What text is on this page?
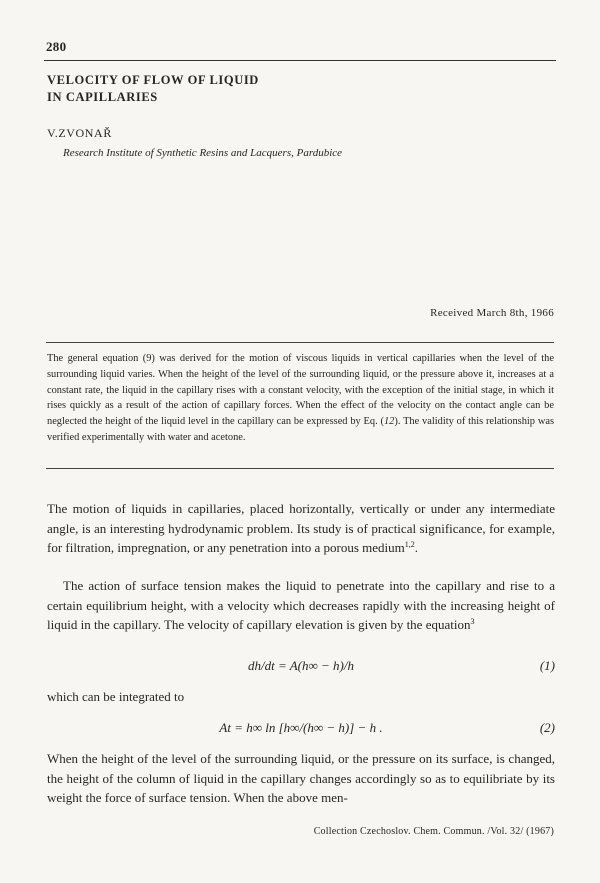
280
VELOCITY OF FLOW OF LIQUID
IN CAPILLARIES
V.ZVONAŘ
Research Institute of Synthetic Resins and Lacquers, Pardubice
Received March 8th, 1966
The general equation (9) was derived for the motion of viscous liquids in vertical capillaries when the level of the surrounding liquid varies. When the height of the level of the surrounding liquid, or the pressure above it, increases at a constant rate, the liquid in the capillary rises with a constant velocity, with the exception of the initial stage, in which it rises quickly as a result of the action of capillary forces. When the effect of the velocity on the contact angle can be neglected the height of the liquid level in the capillary can be expressed by Eq. (12). The validity of this relationship was verified experimentally with water and acetone.
The motion of liquids in capillaries, placed horizontally, vertically or under any intermediate angle, is an interesting hydrodynamic problem. Its study is of practical significance, for example, for filtration, impregnation, or any penetration into a porous medium$^{1,2}$.
The action of surface tension makes the liquid to penetrate into the capillary and rise to a certain equilibrium height, with a velocity which decreases rapidly with the increasing height of liquid in the capillary. The velocity of capillary elevation is given by the equation$^3$
dh/dt = A(h∞ − h)/h	(1)
which can be integrated to
At = h∞ ln [h∞/(h∞ − h)] − h .	(2)
When the height of the level of the surrounding liquid, or the pressure on its surface, is changed, the height of the column of liquid in the capillary changes accordingly so as to equilibriate by its weight the force of surface tension. When the above men-
Collection Czechoslov. Chem. Commun. /Vol. 32/ (1967)
